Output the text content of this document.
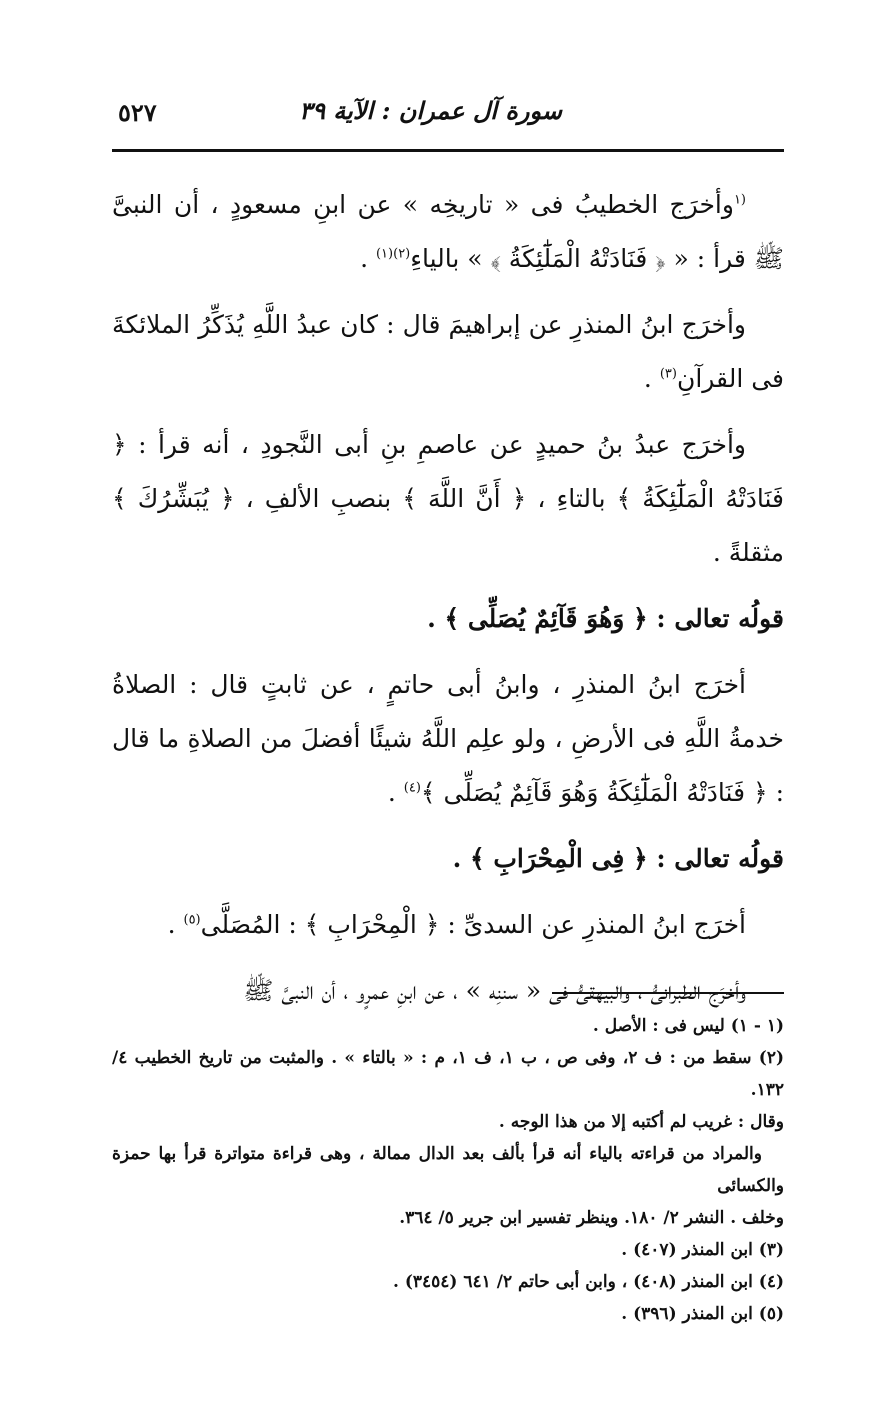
سورة آل عمران : الآية ٣٩
٥٢٧

$^{(١}$وأخرَج الخطيبُ فى « تاريخِه » عن ابنِ مسعودٍ ، أن النبىَّ ﷺ قرأ : « ﴿ فَنَادَتْهُ الْمَلَٰٓئِكَةُ ﴾ » بالياءِ$^{(٢)(١)}$ .

وأخرَج ابنُ المنذرِ عن إبراهيمَ قال : كان عبدُ اللَّهِ يُذَكِّرُ الملائكةَ فى القرآنِ$^{(٣)}$ .

وأخرَج عبدُ بنُ حميدٍ عن عاصمِ بنِ أبى النَّجودِ ، أنه قرأ : ﴿ فَنَادَتْهُ الْمَلَٰٓئِكَةُ ﴾ بالتاءِ ، ﴿ أَنَّ اللَّهَ ﴾ بنصبِ الألفِ ، ﴿ يُبَشِّرُكَ ﴾ مثقلةً .

قولُه تعالى : ﴿ وَهُوَ قَآئِمٌ يُصَلِّى ﴾ .

أخرَج ابنُ المنذرِ ، وابنُ أبى حاتمٍ ، عن ثابتٍ قال : الصلاةُ خدمةُ اللَّهِ فى الأرضِ ، ولو علِم اللَّهُ شيئًا أفضلَ من الصلاةِ ما قال : ﴿ فَنَادَتْهُ الْمَلَٰٓئِكَةُ وَهُوَ قَآئِمٌ يُصَلِّى ﴾$^{(٤)}$ .

قولُه تعالى : ﴿ فِى الْمِحْرَابِ ﴾ .

أخرَج ابنُ المنذرِ عن السدىِّ : ﴿ الْمِحْرَابِ ﴾ : المُصَلَّى$^{(٥)}$ .

وأخرَج الطبرانىُّ ، والبيهقىُّ فى « سننِه » ، عن ابنِ عمرٍو ، أن النبىَّ ﷺ

(١ - ١) ليس فى : الأصل .

(٢) سقط من : ف ٢، وفى ص ، ب ١، ف ١، م : « بالتاء » . والمثبت من تاريخ الخطيب ٤/ ١٣٢.

وقال : غريب لم أكتبه إلا من هذا الوجه .

والمراد من قراءته بالياء أنه قرأ بألف بعد الدال ممالة ، وهى قراءة متواترة قرأ بها حمزة والكسائى

وخلف . النشر ٢/ ١٨٠. وينظر تفسير ابن جرير ٥/ ٣٦٤.

(٣) ابن المنذر (٤٠٧) .

(٤) ابن المنذر (٤٠٨) ، وابن أبى حاتم ٢/ ٦٤١ (٣٤٥٤) .

(٥) ابن المنذر (٣٩٦) .
